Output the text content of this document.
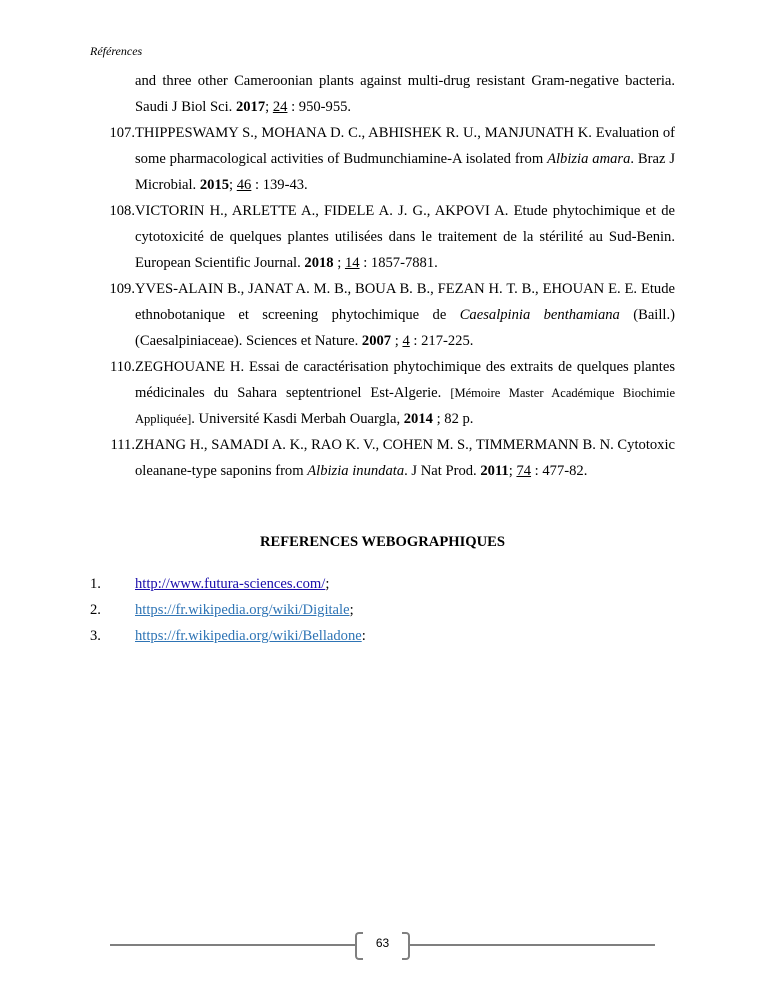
Références
and three other Cameroonian plants against multi-drug resistant Gram-negative bacteria. Saudi J Biol Sci. 2017; 24 : 950-955.
107. THIPPESWAMY S., MOHANA D. C., ABHISHEK R. U., MANJUNATH K. Evaluation of some pharmacological activities of Budmunchiamine-A isolated from Albizia amara. Braz J Microbial. 2015; 46 : 139-43.
108. VICTORIN H., ARLETTE A., FIDELE A. J. G., AKPOVI A. Etude phytochimique et de cytotoxicité de quelques plantes utilisées dans le traitement de la stérilité au Sud-Benin. European Scientific Journal. 2018 ; 14 : 1857-7881.
109. YVES-ALAIN B., JANAT A. M. B., BOUA B. B., FEZAN H. T. B., EHOUAN E. E. Etude ethnobotanique et screening phytochimique de Caesalpinia benthamiana (Baill.) (Caesalpiniaceae). Sciences et Nature. 2007 ; 4 : 217-225.
110. ZEGHOUANE H. Essai de caractérisation phytochimique des extraits de quelques plantes médicinales du Sahara septentrionel Est-Algerie. [Mémoire Master Académique Biochimie Appliquée]. Université Kasdi Merbah Ouargla, 2014 ; 82 p.
111. ZHANG H., SAMADI A. K., RAO K. V., COHEN M. S., TIMMERMANN B. N. Cytotoxic oleanane-type saponins from Albizia inundata. J Nat Prod. 2011; 74 : 477-82.
REFERENCES WEBOGRAPHIQUES
1.	http://www.futura-sciences.com/;
2.	https://fr.wikipedia.org/wiki/Digitale;
3.	https://fr.wikipedia.org/wiki/Belladone:
63
